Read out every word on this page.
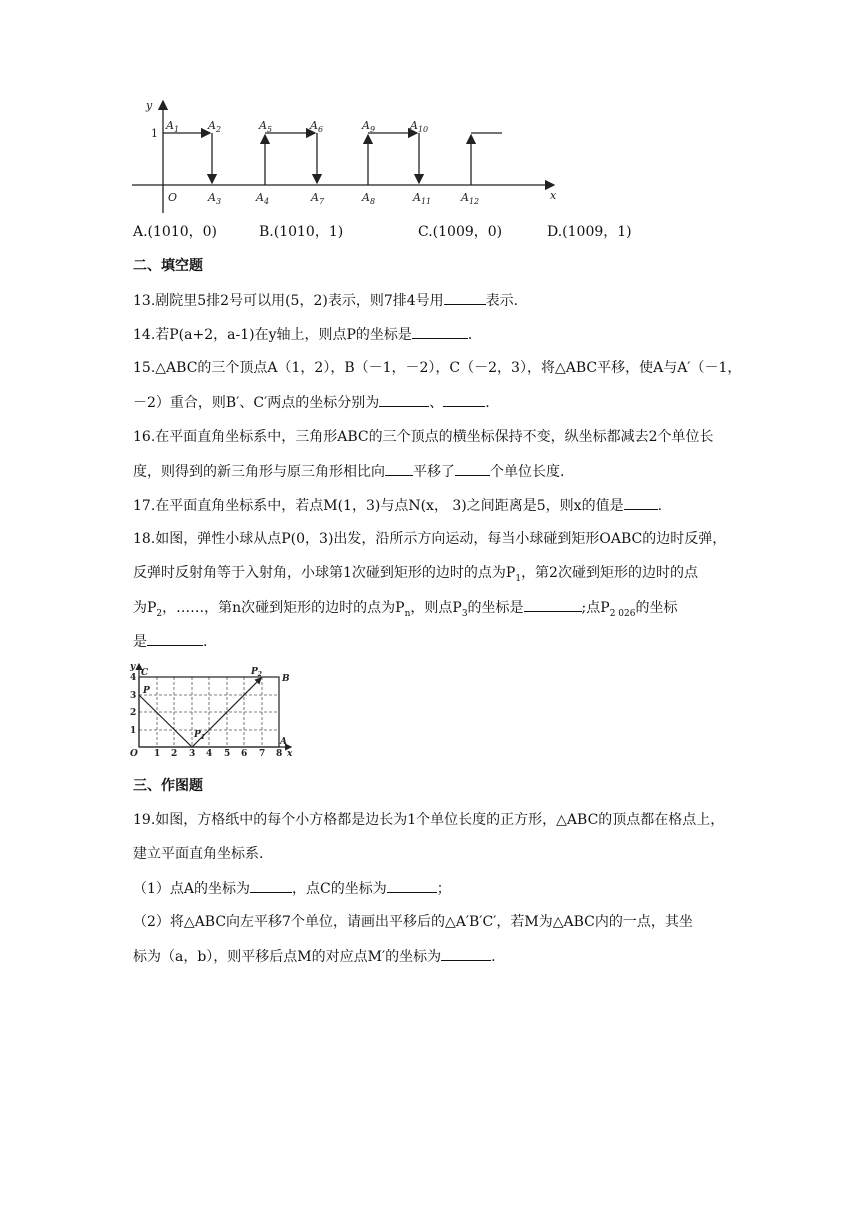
y
x
O
1
$A_1$	$A_2$
$A_3$	$A_4$
$A_5$	$A_6$
$A_7$	$A_8$
$A_9$	$A_{10}$
$A_{11}$	$A_{12}$
A.(1010，0)	B.(1010，1)	C.(1009，0)	D.(1009，1)
二、填空题
13.剧院里5排2号可以用(5，2)表示，则7排4号用	表示.
14.若P(a+2，a-1)在y轴上，则点P的坐标是	.
15.△ABC的三个顶点A（1，2），B（－1，－2），C（－2，3），将△ABC平移，使A与A′（－1，
－2）重合，则B′、C′两点的坐标分别为	、	.
16.在平面直角坐标系中，三角形ABC的三个顶点的横坐标保持不变，纵坐标都减去2个单位长
度，则得到的新三角形与原三角形相比向 平移了	个单位长度.
17.在平面直角坐标系中，若点M(1，3)与点N(x， 3)之间距离是5，则x的值是 .
18.如图，弹性小球从点P(0，3)出发，沿所示方向运动，每当小球碰到矩形OABC的边时反弹，
反弹时反射角等于入射角，小球第1次碰到矩形的边时的点为$P_1$，第2次碰到矩形的边时的点
为$P_2$，……，第n次碰到矩形的边时的点为$P_n$，则点$P_3$的坐标是	;点$P_{2 026}$的坐标
是	.
y
x
C
B
A
P
$P_2$
$P_1$
O 1 2 3 4 5 6 7 8
1
2
3
4
三、作图题
19.如图，方格纸中的每个小方格都是边长为1个单位长度的正方形，△ABC的顶点都在格点上，
建立平面直角坐标系.
（1）点A的坐标为	，点C的坐标为	；
（2）将△ABC向左平移7个单位，请画出平移后的△A′B′C′，若M为△ABC内的一点，其坐
标为（a，b），则平移后点M的对应点M′的坐标为	.
